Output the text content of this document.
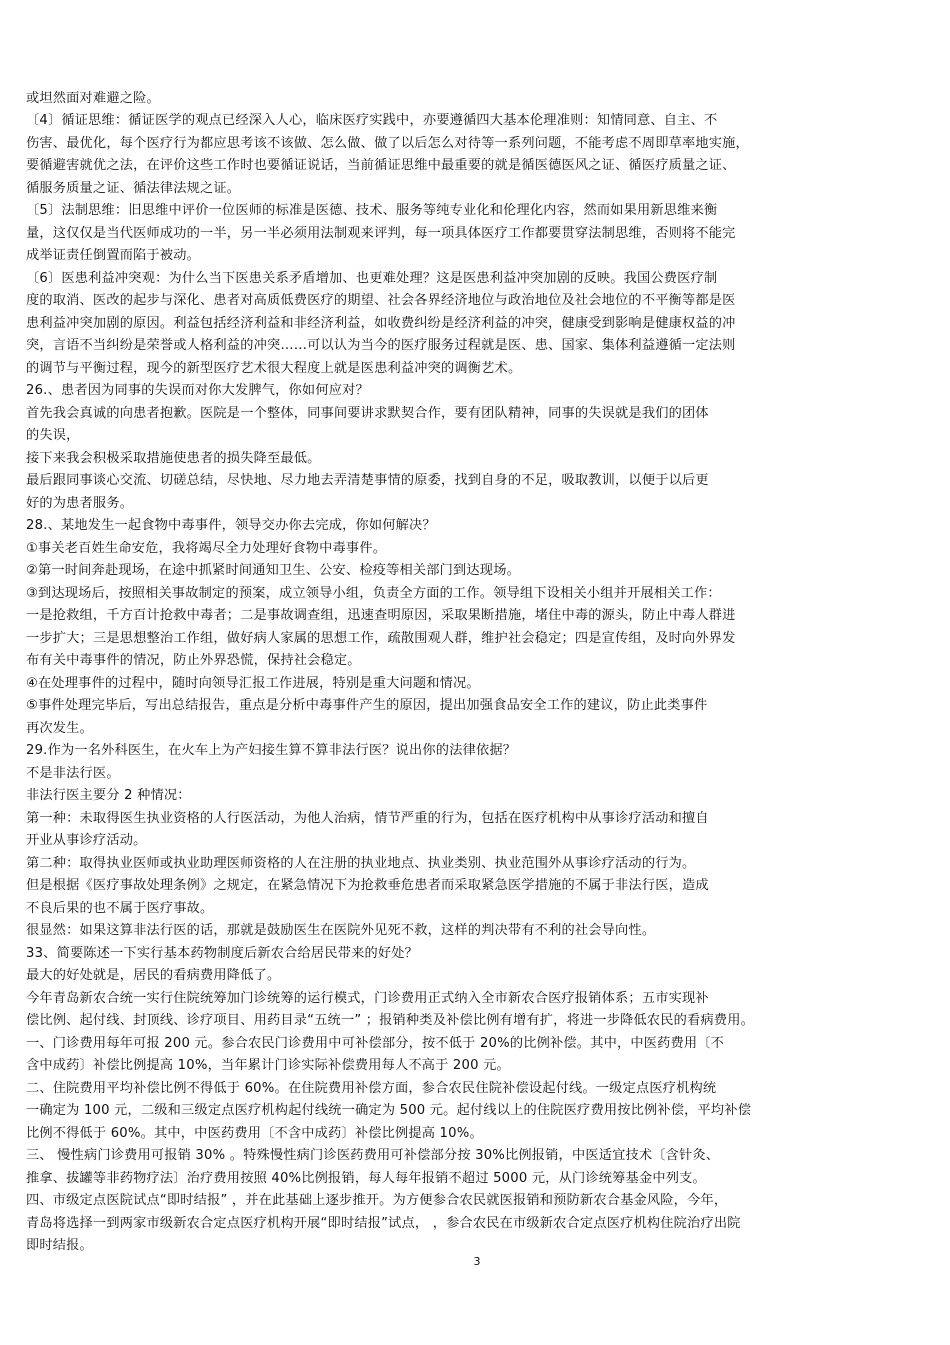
或坦然面对难避之险。
〔4〕循证思维：循证医学的观点已经深入人心，临床医疗实践中，亦要遵循四大基本伦理准则：知情同意、自主、不
伤害、最优化，每个医疗行为都应思考该不该做、怎么做、做了以后怎么对待等一系列问题，不能考虑不周即草率地实施，
要循避害就优之法，在评价这些工作时也要循证说话，当前循证思维中最重要的就是循医德医风之证、循医疗质量之证、
循服务质量之证、循法律法规之证。
〔5〕法制思维：旧思维中评价一位医师的标准是医德、技术、服务等纯专业化和伦理化内容，然而如果用新思维来衡
量，这仅仅是当代医师成功的一半，另一半必须用法制观来评判，每一项具体医疗工作都要贯穿法制思维，否则将不能完
成举证责任倒置而陷于被动。
〔6〕医患利益冲突观：为什么当下医患关系矛盾增加、也更难处理？这是医患利益冲突加剧的反映。我国公费医疗制
度的取消、医改的起步与深化、患者对高质低费医疗的期望、社会各界经济地位与政治地位及社会地位的不平衡等都是医
患利益冲突加剧的原因。利益包括经济利益和非经济利益，如收费纠纷是经济利益的冲突，健康受到影响是健康权益的冲
突，言语不当纠纷是荣誉或人格利益的冲突……可以认为当今的医疗服务过程就是医、患、国家、集体利益遵循一定法则
的调节与平衡过程，现今的新型医疗艺术很大程度上就是医患利益冲突的调衡艺术。
26.、患者因为同事的失误而对你大发脾气，你如何应对？
首先我会真诚的向患者抱歉。医院是一个整体，同事间要讲求默契合作，要有团队精神，同事的失误就是我们的团体
的失误，
接下来我会积极采取措施使患者的损失降至最低。
最后跟同事谈心交流、切磋总结，尽快地、尽力地去弄清楚事情的原委，找到自身的不足，吸取教训，以便于以后更
好的为患者服务。
28.、某地发生一起食物中毒事件，领导交办你去完成，你如何解决？
①事关老百姓生命安危，我将竭尽全力处理好食物中毒事件。
②第一时间奔赴现场，在途中抓紧时间通知卫生、公安、检疫等相关部门到达现场。
③到达现场后，按照相关事故制定的预案，成立领导小组，负责全方面的工作。领导组下设相关小组并开展相关工作：
一是抢救组，千方百计抢救中毒者；二是事故调查组，迅速查明原因，采取果断措施，堵住中毒的源头，防止中毒人群进
一步扩大；三是思想整治工作组，做好病人家属的思想工作，疏散围观人群，维护社会稳定；四是宣传组，及时向外界发
布有关中毒事件的情况，防止外界恐慌，保持社会稳定。
④在处理事件的过程中，随时向领导汇报工作进展，特别是重大问题和情况。
⑤事件处理完毕后，写出总结报告，重点是分析中毒事件产生的原因，提出加强食品安全工作的建议，防止此类事件
再次发生。
29.作为一名外科医生，在火车上为产妇接生算不算非法行医？说出你的法律依据？
不是非法行医。
非法行医主要分 2 种情况：
第一种：未取得医生执业资格的人行医活动，为他人治病，情节严重的行为，包括在医疗机构中从事诊疗活动和擅自
开业从事诊疗活动。
第二种：取得执业医师或执业助理医师资格的人在注册的执业地点、执业类别、执业范围外从事诊疗活动的行为。
但是根据《医疗事故处理条例》之规定，在紧急情况下为抢救垂危患者而采取紧急医学措施的不属于非法行医，造成
不良后果的也不属于医疗事故。
很显然：如果这算非法行医的话，那就是鼓励医生在医院外见死不救，这样的判决带有不利的社会导向性。
33、简要陈述一下实行基本药物制度后新农合给居民带来的好处？
最大的好处就是，居民的看病费用降低了。
今年青岛新农合统一实行住院统筹加门诊统筹的运行模式，门诊费用正式纳入全市新农合医疗报销体系；五市实现补
偿比例、起付线、封顶线、诊疗项目、用药目录“五统一” ；报销种类及补偿比例有增有扩，将进一步降低农民的看病费用。
一、门诊费用每年可报 200 元。参合农民门诊费用中可补偿部分，按不低于 20%的比例补偿。其中，中医药费用〔不
含中成药〕补偿比例提高 10%，当年累计门诊实际补偿费用每人不高于 200 元。
二、住院费用平均补偿比例不得低于 60%。在住院费用补偿方面，参合农民住院补偿设起付线。一级定点医疗机构统
一确定为 100 元，二级和三级定点医疗机构起付线统一确定为 500 元。起付线以上的住院医疗费用按比例补偿，平均补偿
比例不得低于 60%。其中，中医药费用〔不含中成药〕补偿比例提高 10%。
三、 慢性病门诊费用可报销 30% 。特殊慢性病门诊医药费用可补偿部分按 30%比例报销，中医适宜技术〔含针灸、
推拿、拔罐等非药物疗法〕治疗费用按照 40%比例报销，每人每年报销不超过 5000 元，从门诊统筹基金中列支。
四、市级定点医院试点“即时结报” ，并在此基础上逐步推开。为方便参合农民就医报销和预防新农合基金风险，今年，
青岛将选择一到两家市级新农合定点医疗机构开展“即时结报”试点， ，参合农民在市级新农合定点医疗机构住院治疗出院
即时结报。
3
